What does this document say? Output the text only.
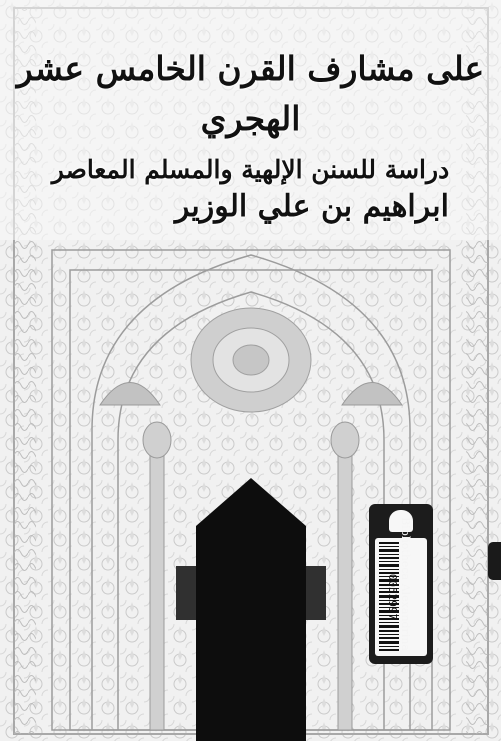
على مشارف القرن الخامس عشر الهجري
دراسة للسنن الإلهية والمسلم المعاصر
ابراهيم بن علي الوزير
0052997 Bibliotheca Alexandrina
